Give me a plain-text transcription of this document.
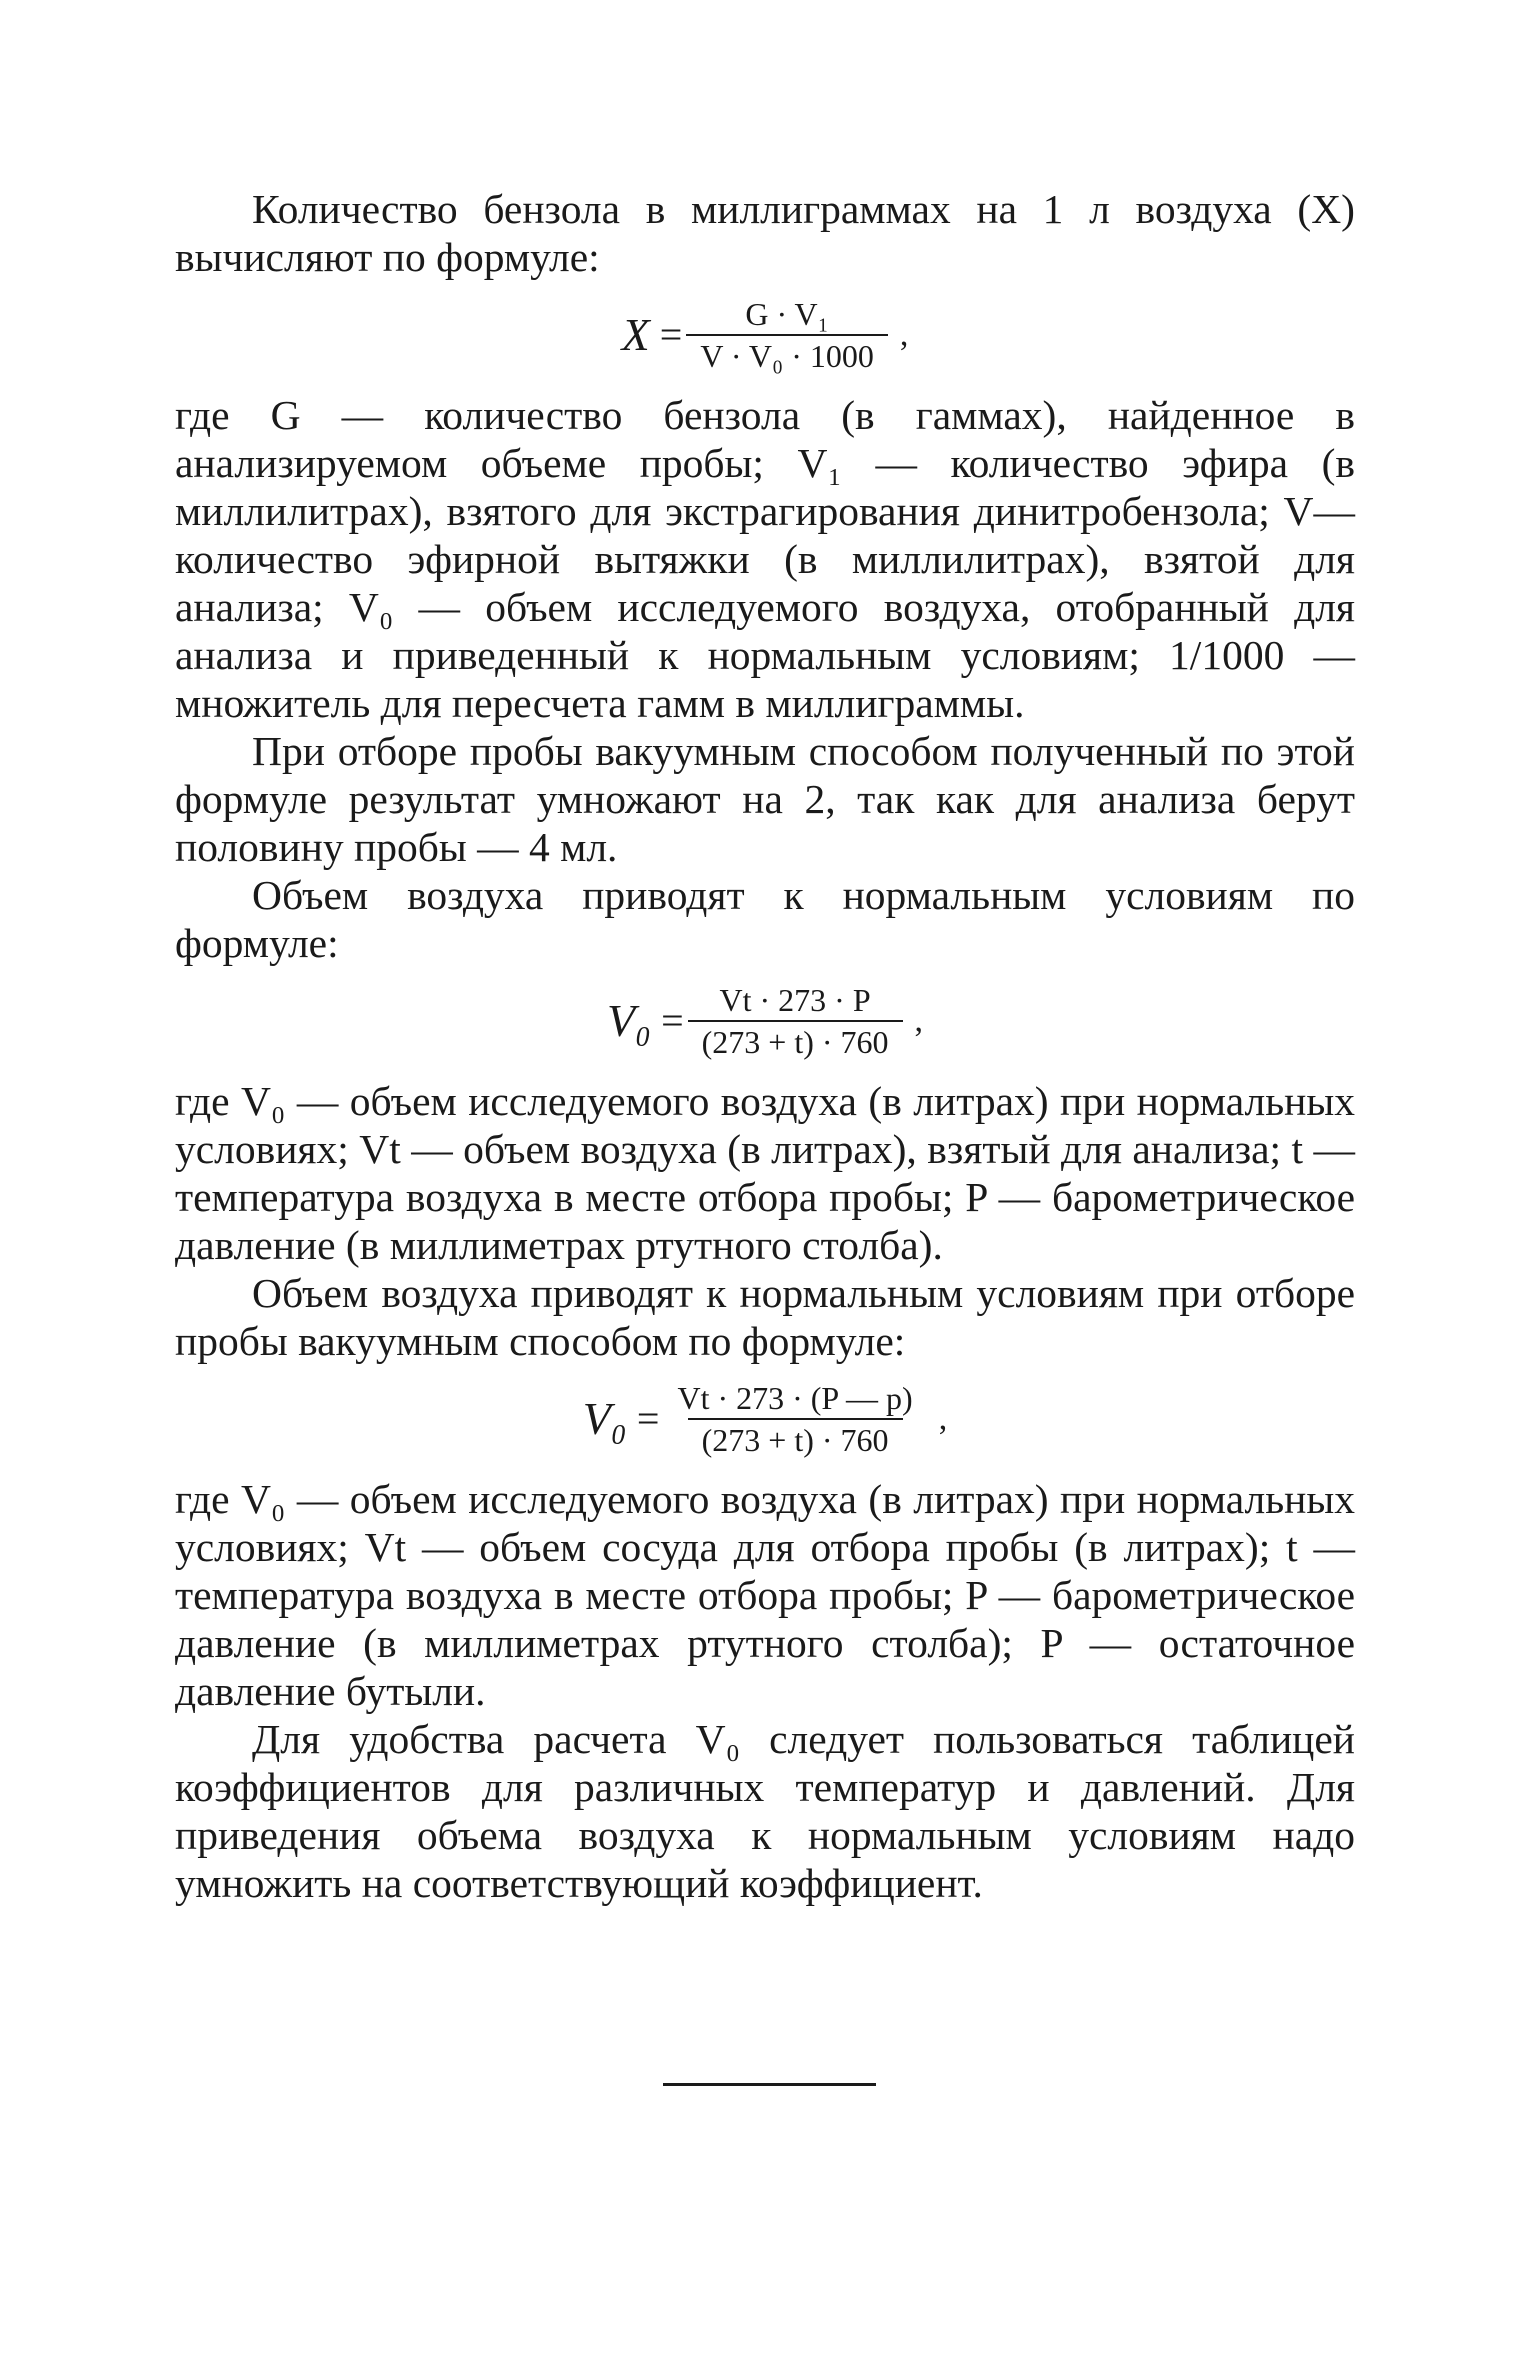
Количество бензола в миллиграммах на 1 л воздуха (X) вычисляют по формуле:

$X = \frac{\text{G · V₁}}{\text{V · V₀ · 1000}}$ ,

где G — количество бензола (в гаммах), найденное в анализируемом объеме пробы; V₁ — количество эфира (в миллилитрах), взятого для экстрагирования динитробензола; V—количество эфирной вытяжки (в миллилитрах), взятой для анализа; V₀ — объем исследуемого воздуха, отобранный для анализа и приведенный к нормальным условиям; 1/1000 — множитель для пересчета гамм в миллиграммы.

При отборе пробы вакуумным способом полученный по этой формуле результат умножают на 2, так как для анализа берут половину пробы — 4 мл.

Объем воздуха приводят к нормальным условиям по формуле:

$V_0 = \frac{Vt \cdot 273 \cdot P}{(273 + t) \cdot 760}$ ,

где V₀ — объем исследуемого воздуха (в литрах) при нормальных условиях; Vt — объем воздуха (в литрах), взятый для анализа; t — температура воздуха в месте отбора пробы; P — барометрическое давление (в миллиметрах ртутного столба).

Объем воздуха приводят к нормальным условиям при отборе пробы вакуумным способом по формуле:

$V_0 = \frac{Vt \cdot 273 \cdot (P — p)}{(273 + t) \cdot 760}$ ,

где V₀ — объем исследуемого воздуха (в литрах) при нормальных условиях; Vt — объем сосуда для отбора пробы (в литрах); t — температура воздуха в месте отбора пробы; P — барометрическое давление (в миллиметрах ртутного столба); P — остаточное давление бутыли.

Для удобства расчета V₀ следует пользоваться таблицей коэффициентов для различных температур и давлений. Для приведения объема воздуха к нормальным условиям надо умножить на соответствующий коэффициент.
